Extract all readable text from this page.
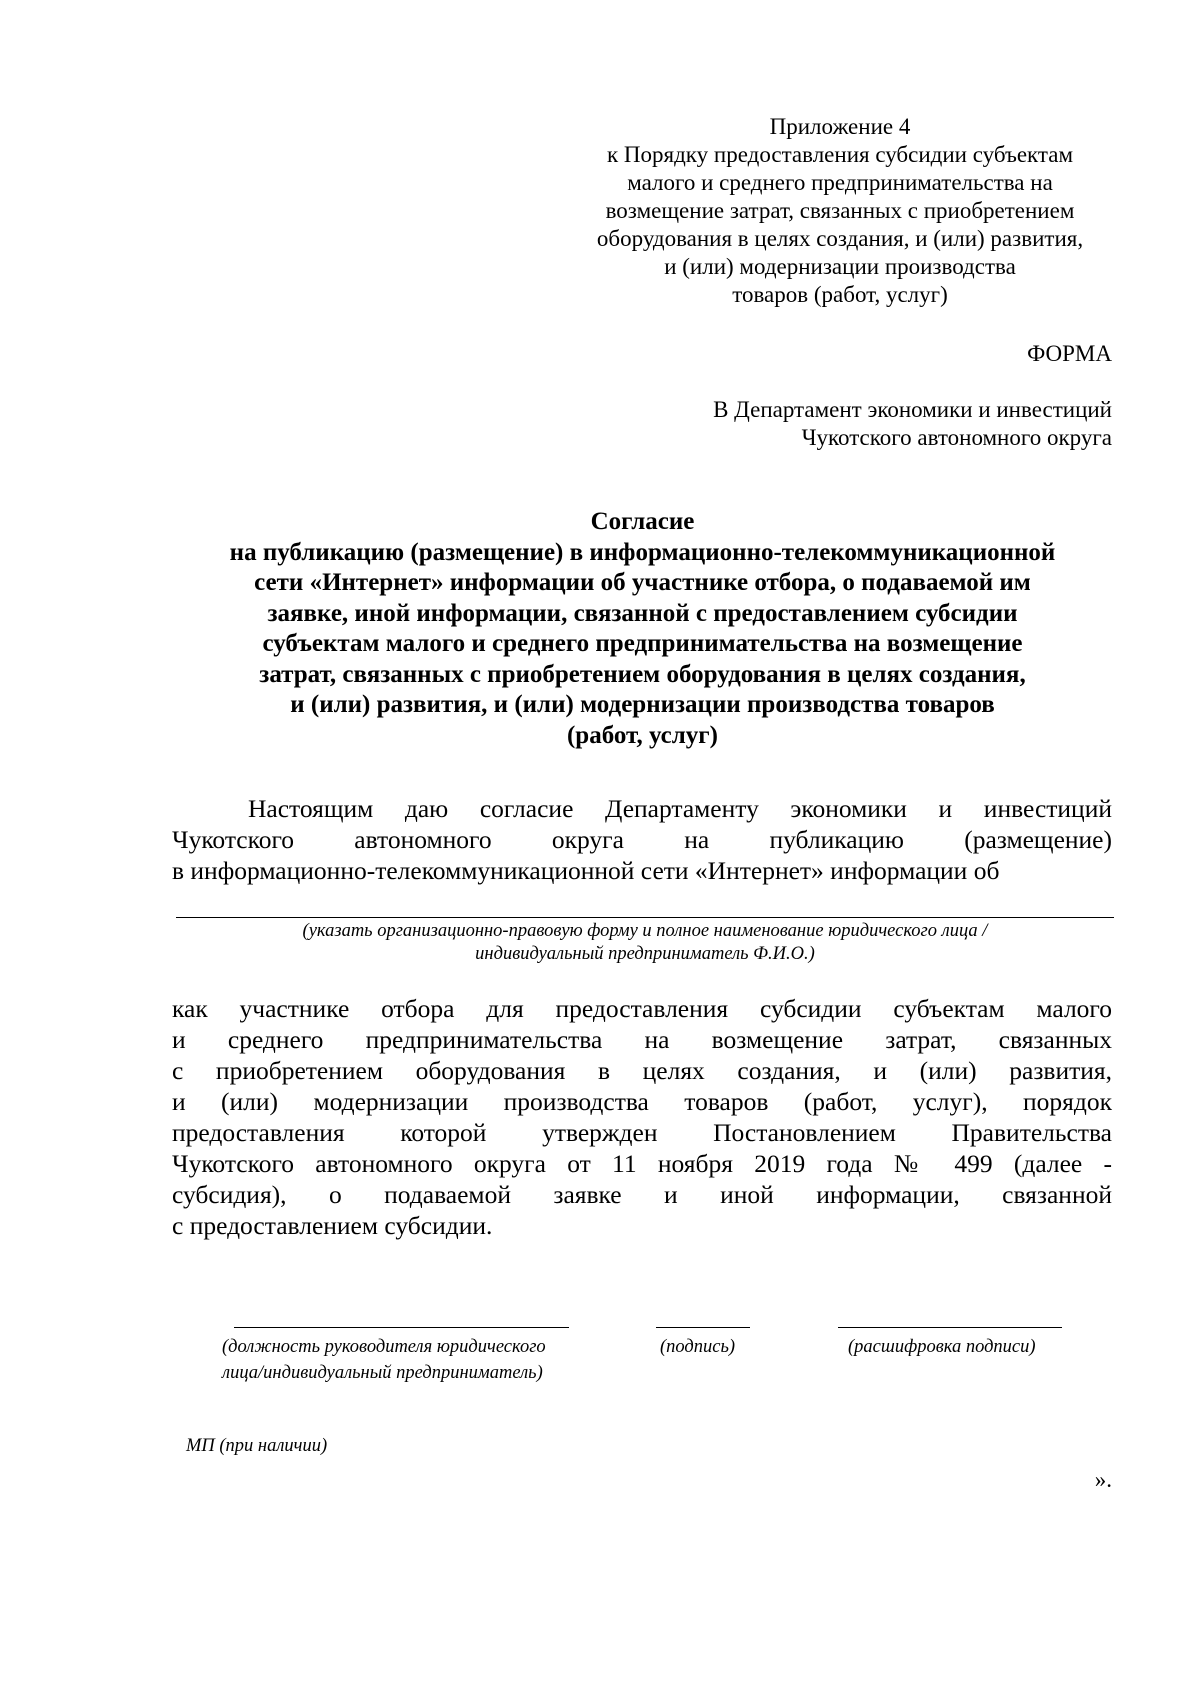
Приложение 4
к Порядку предоставления субсидии субъектам
малого и среднего предпринимательства на
возмещение затрат, связанных с приобретением
оборудования в целях создания, и (или) развития,
и (или) модернизации производства
товаров (работ, услуг)
ФОРМА
В Департамент экономики и инвестиций
Чукотского автономного округа
Согласие
на публикацию (размещение) в информационно-телекоммуникационной
сети «Интернет» информации об участнике отбора, о подаваемой им
заявке, иной информации, связанной с предоставлением субсидии
субъектам малого и среднего предпринимательства на возмещение
затрат, связанных с приобретением оборудования в целях создания,
и (или) развития, и (или) модернизации производства товаров
(работ, услуг)
Настоящим даю согласие Департаменту экономики и инвестиций
Чукотского автономного округа на публикацию (размещение)
в информационно-телекоммуникационной сети «Интернет» информации об
(указать организационно-правовую форму и полное наименование юридического лица /
индивидуальный предприниматель Ф.И.О.)
как участнике отбора для предоставления субсидии субъектам малого
и среднего предпринимательства на возмещение затрат, связанных
с приобретением оборудования в целях создания, и (или) развития,
и (или) модернизации производства товаров (работ, услуг), порядок
предоставления которой утвержден Постановлением Правительства
Чукотского автономного округа от 11 ноября 2019 года № 499 (далее -
субсидия), о подаваемой заявке и иной информации, связанной
с предоставлением субсидии.
(должность руководителя юридического
лица/индивидуальный предприниматель)
(подпись)	(расшифровка подписи)
МП (при наличии)
».
